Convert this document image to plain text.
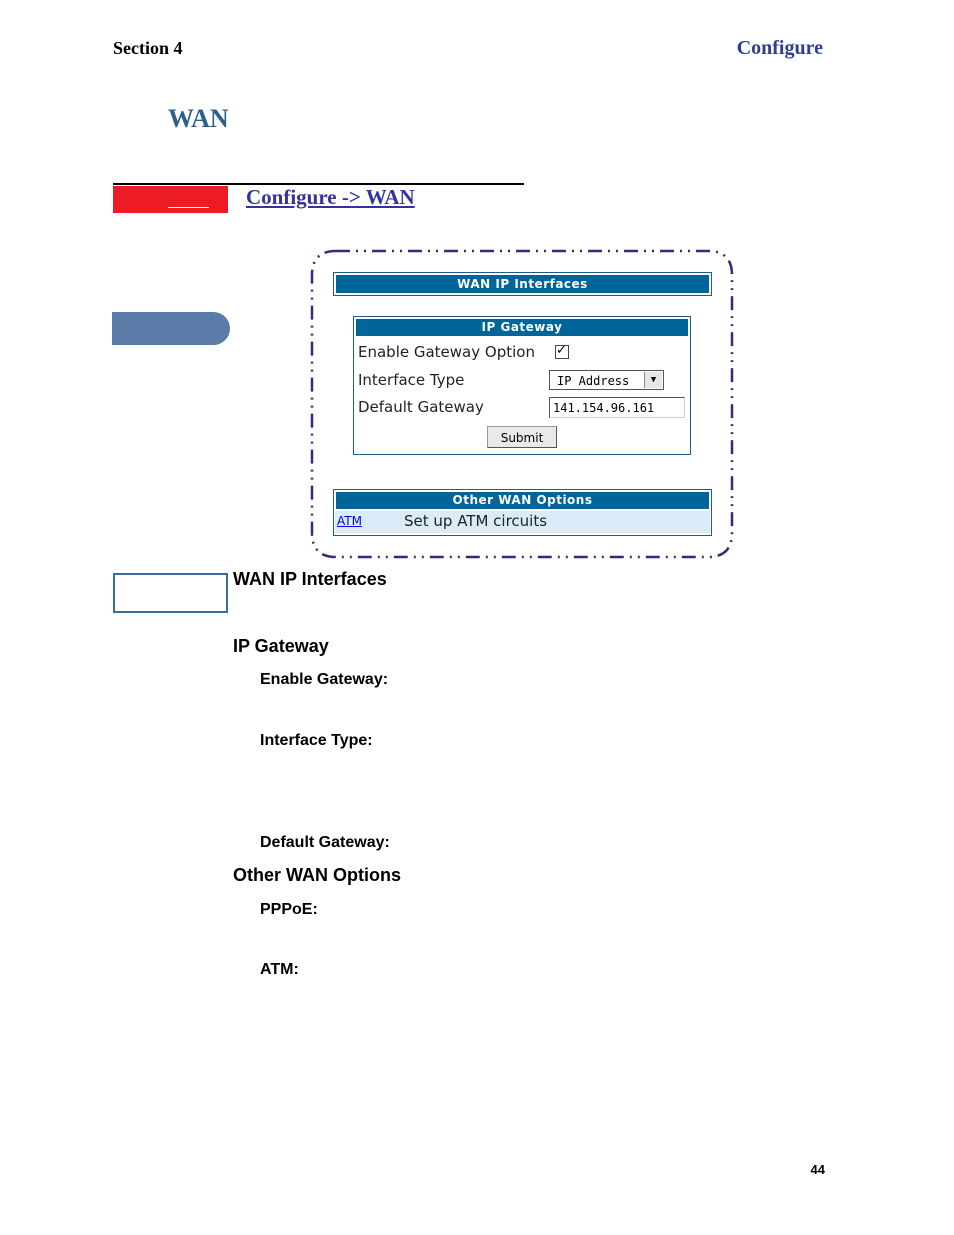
Section 4	Configure
WAN
Configure -> WAN
WAN IP Interfaces
IP Gateway
Enable Gateway Option ✓
Interface Type	IP Address	▼
Default Gateway	141.154.96.161
Submit
Other WAN Options
ATM	Set up ATM circuits
WAN IP Interfaces
IP Gateway
Enable Gateway:
Interface Type:
Default Gateway:
Other WAN Options
PPPoE:
ATM:
44
